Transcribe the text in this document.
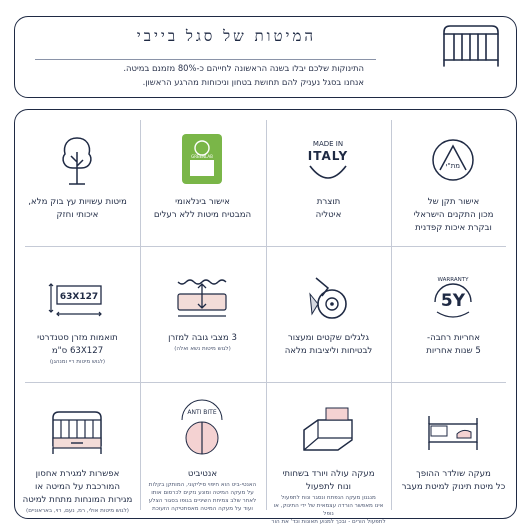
המיטות של סגל בייבי
התינוקות שלכם יבלו בשנה הראשונה לחייהם כ-80% מזמנם במיטה.
אנחנו בסגל נעניק להם תחושת בטחון וניכוחות מהרגע הראשון.
מת"י
אישור תקן של
מכון התקנים הישראלי
ובקרת איכות קפדנית
MADE IN
ITALY
תוצרת
איטליה
GREENLAB
אישור בינלאומי
המבטיח מיטות ללא רעלים
מיטות עשויות עץ בוק מלא,
איכותי וחזק
WARRANTY
5Y
אחריות רחבה-
5 שנות אחריות
גלגלים שקטים ומעצור
לבטיחות וליציבות מלאה
3 מצבי גובה למזרן
(לגוש מיטות נשא ואלה)
63X127
תואמות מזרן סטנדרטי
63X127 ס"מ
(לגוש מיטות ריי ומנהגן)
מעקה שולדר ההופך
כל מיטת תינוק למיטת מעבר
מעקה עולה ויורד בשחותי
ונוח לתפעול
מנגנון מעקה הנפתח ונסגר ונוח לתפעול
אינו מאפשר הורדה עצמאית של ידי התינוק, או נופל
לתפעול הורים - ובכך למנוע תאונות וכד' את הור
ANTI BITE
אנטיביט
האנטי-ביט הוא חיפוי סיליקוני, המותקן בקלות
על מעקה המיטה ומונע נזקים לכרסום אותו
לאחר שלב צמיחת השיניים בגופו בסגור הצלע
ועוד על מעקה המיטה מאסתטיקה הזעוכת
אפשרות למגירת אחסון
המורכבת על המיטה או
מגירות המונחות מתחת למיטה
(לגוש מיטות אולי, רמ, נעם, רוי, באראוניים)
